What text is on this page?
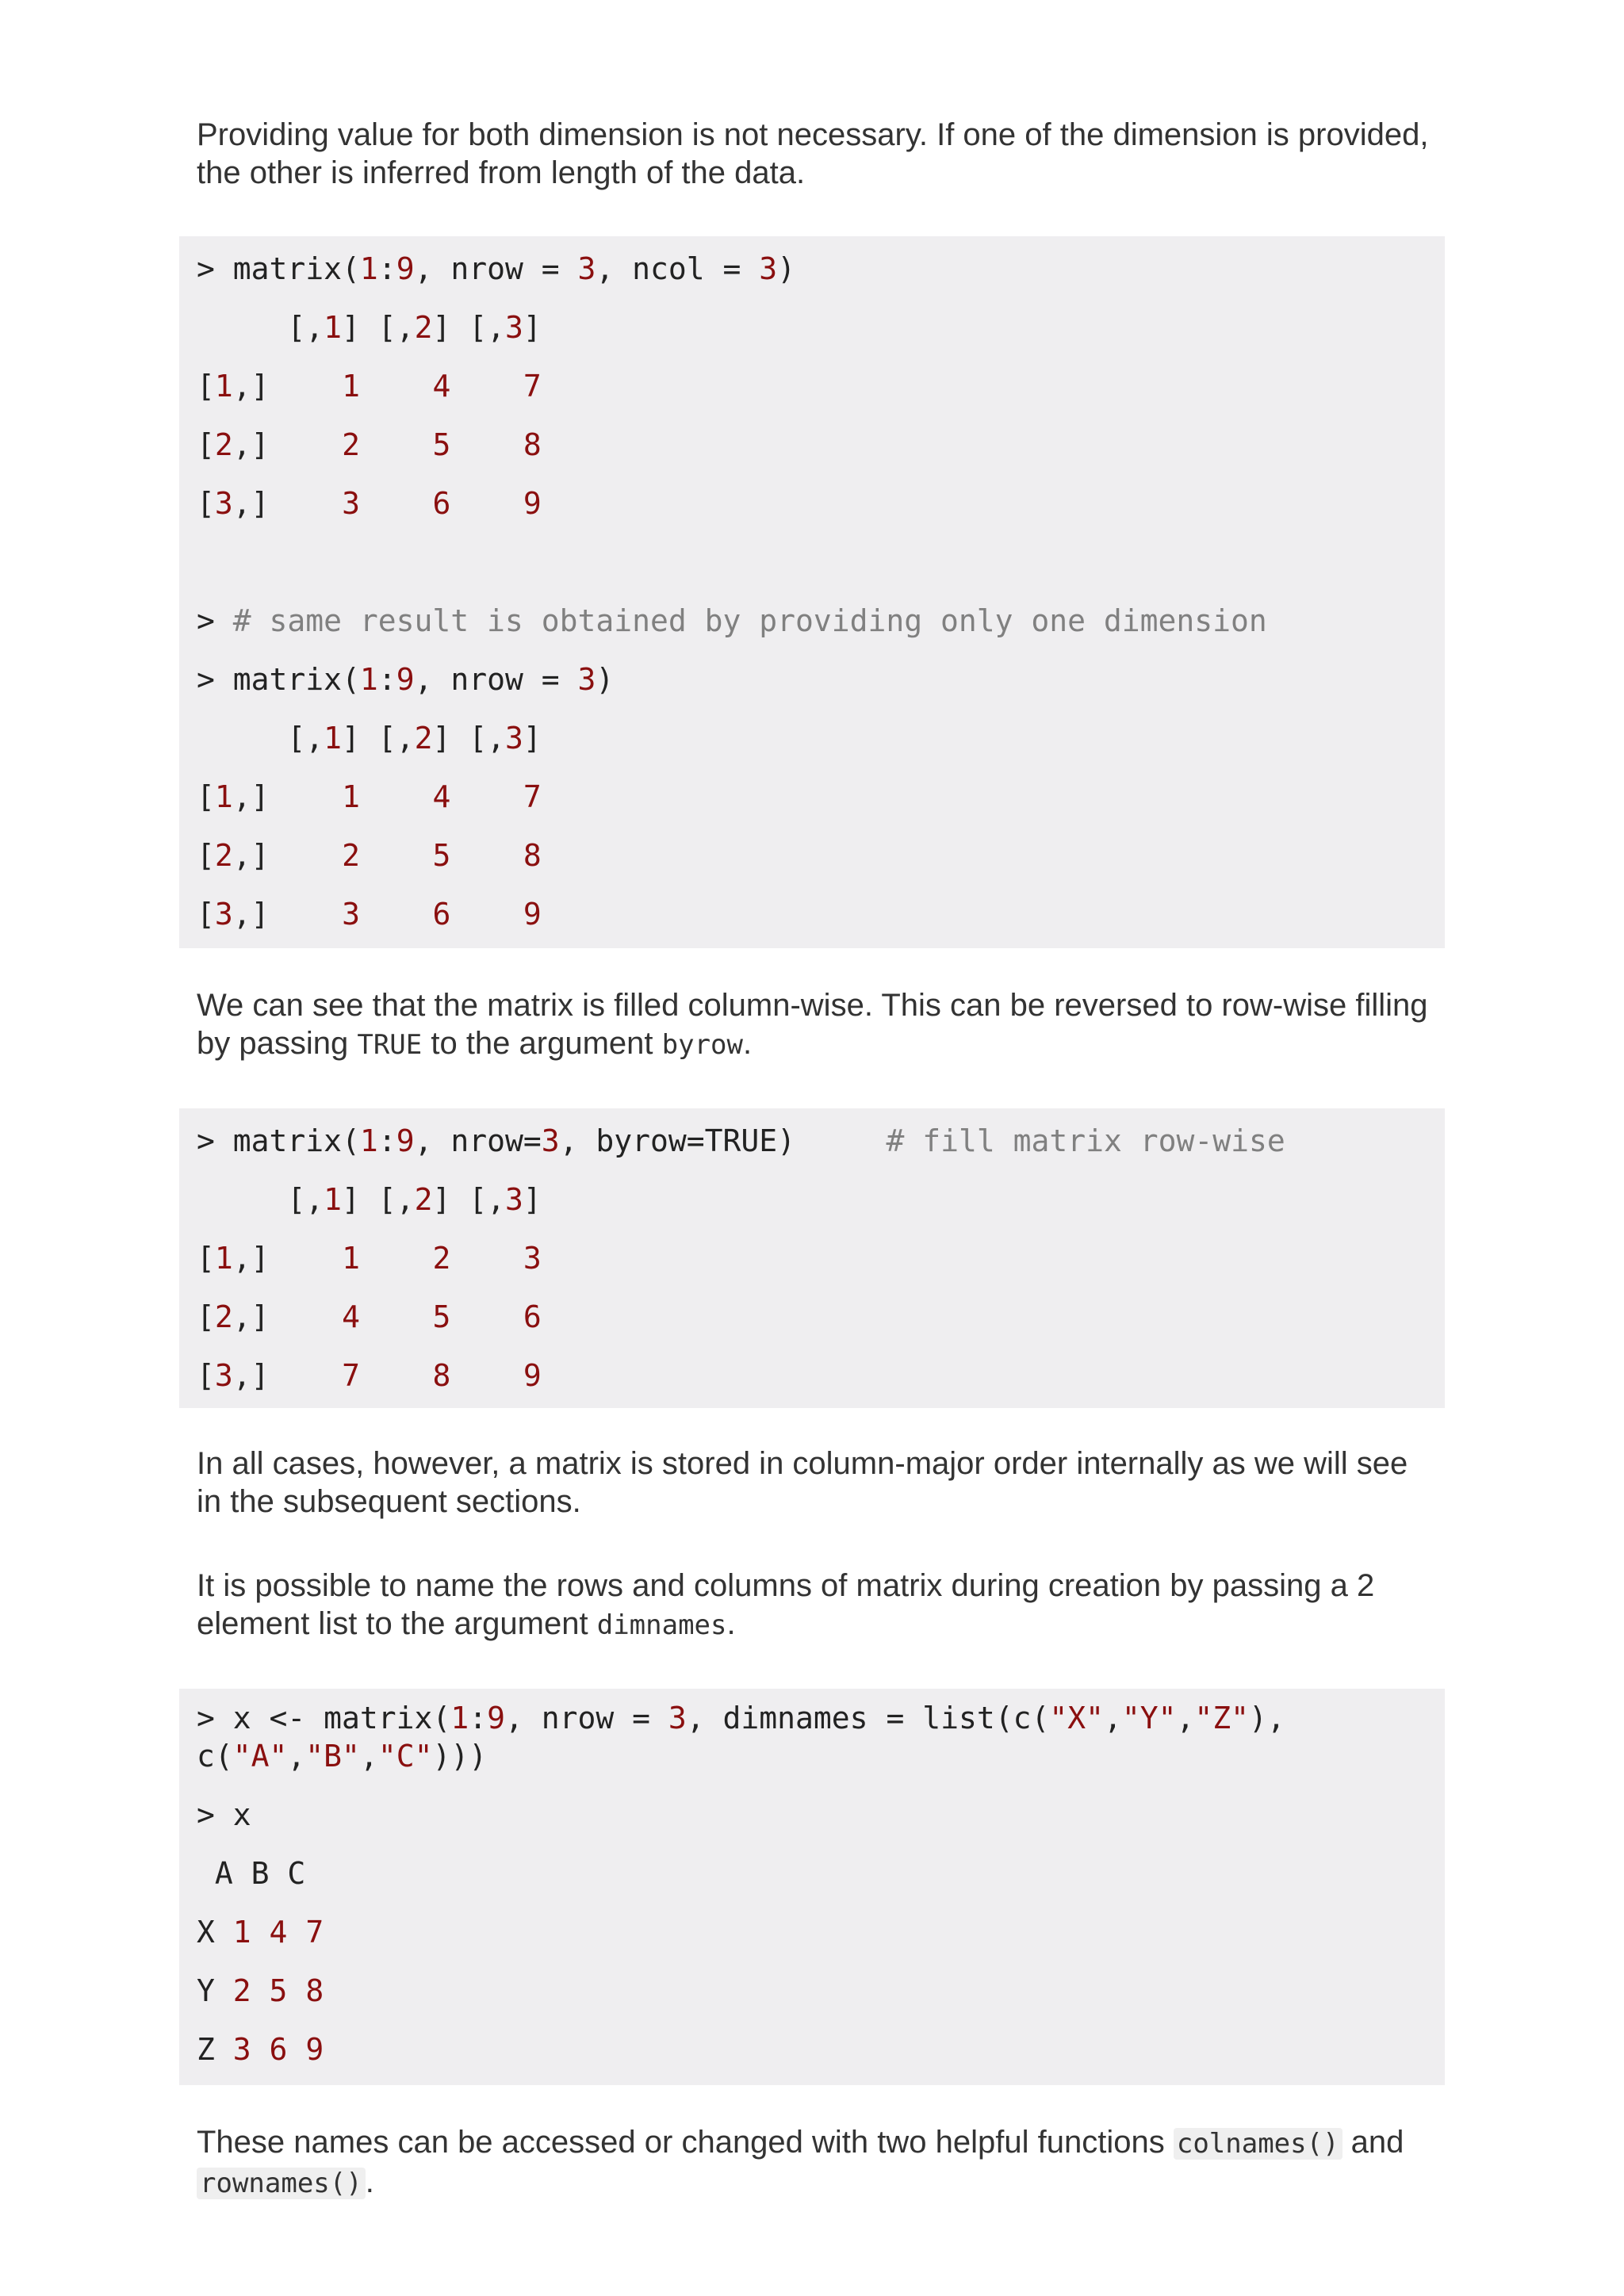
Providing value for both dimension is not necessary. If one of the dimension is provided, the other is inferred from length of the data.

> matrix(1:9, nrow = 3, ncol = 3)
[,1] [,2] [,3]
[1,]    1 4 7
[2,]    2 5 8
[3,]    3 6 9
> # same result is obtained by providing only one dimension
> matrix(1:9, nrow = 3)
[,1] [,2] [,3]
[1,]    1 4 7
[2,]    2 5 8
[3,]    3 6 9

We can see that the matrix is filled column-wise. This can be reversed to row-wise filling by passing TRUE to the argument byrow.

> matrix(1:9, nrow=3, byrow=TRUE)     # fill matrix row-wise
[,1] [,2] [,3]
[1,]    1 2 3
[2,]    4 5 6
[3,]    7 8 9

In all cases, however, a matrix is stored in column-major order internally as we will see in the subsequent sections.

It is possible to name the rows and columns of matrix during creation by passing a 2 element list to the argument dimnames.

> x <- matrix(1:9, nrow = 3, dimnames = list(c("X","Y","Z"),
c("A","B","C")))
> x
A B C
X 1 4 7
Y 2 5 8
Z 3 6 9

These names can be accessed or changed with two helpful functions colnames() and rownames() .
